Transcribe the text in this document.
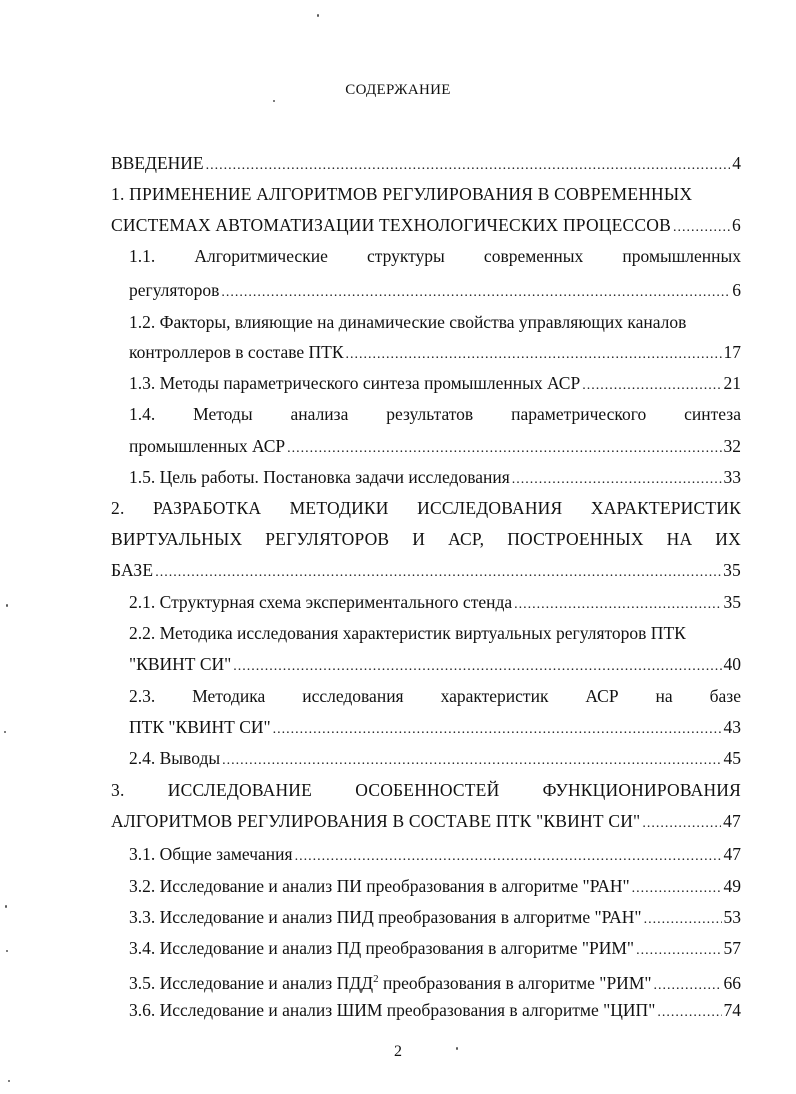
СОДЕРЖАНИЕ
ВВЕДЕНИЕ .....	4
1. ПРИМЕНЕНИЕ АЛГОРИТМОВ РЕГУЛИРОВАНИЯ В СОВРЕМЕННЫХ
СИСТЕМАХ АВТОМАТИЗАЦИИ ТЕХНОЛОГИЧЕСКИХ ПРОЦЕССОВ .....	6
1.1. Алгоритмические структуры современных промышленных
регуляторов .....	6
1.2. Факторы, влияющие на динамические свойства управляющих каналов
контроллеров в составе ПТК .....	17
1.3. Методы параметрического синтеза промышленных АСР .....	21
1.4. Методы анализа результатов параметрического синтеза
промышленных АСР .....	32
1.5. Цель работы. Постановка задачи исследования .....	33
2. РАЗРАБОТКА МЕТОДИКИ ИССЛЕДОВАНИЯ ХАРАКТЕРИСТИК
ВИРТУАЛЬНЫХ РЕГУЛЯТОРОВ И АСР, ПОСТРОЕННЫХ НА ИХ
БАЗЕ .....	35
2.1. Структурная схема экспериментального стенда .....	35
2.2. Методика исследования характеристик виртуальных регуляторов ПТК
"КВИНТ СИ" .....	40
2.3. Методика исследования характеристик АСР на базе
ПТК "КВИНТ СИ" .....	43
2.4. Выводы .....	45
3. ИССЛЕДОВАНИЕ ОСОБЕННОСТЕЙ ФУНКЦИОНИРОВАНИЯ
АЛГОРИТМОВ РЕГУЛИРОВАНИЯ В СОСТАВЕ ПТК "КВИНТ СИ" .....	47
3.1. Общие замечания .....	47
3.2. Исследование и анализ ПИ преобразования в алгоритме "РАН" .....	49
3.3. Исследование и анализ ПИД преобразования в алгоритме "РАН" .....	53
3.4. Исследование и анализ ПД преобразования в алгоритме "РИМ" .....	57
3.5. Исследование и анализ ПДД$^2$ преобразования в алгоритме "РИМ" .....	66
3.6. Исследование и анализ ШИМ преобразования в алгоритме "ЦИП" .....	74
2
